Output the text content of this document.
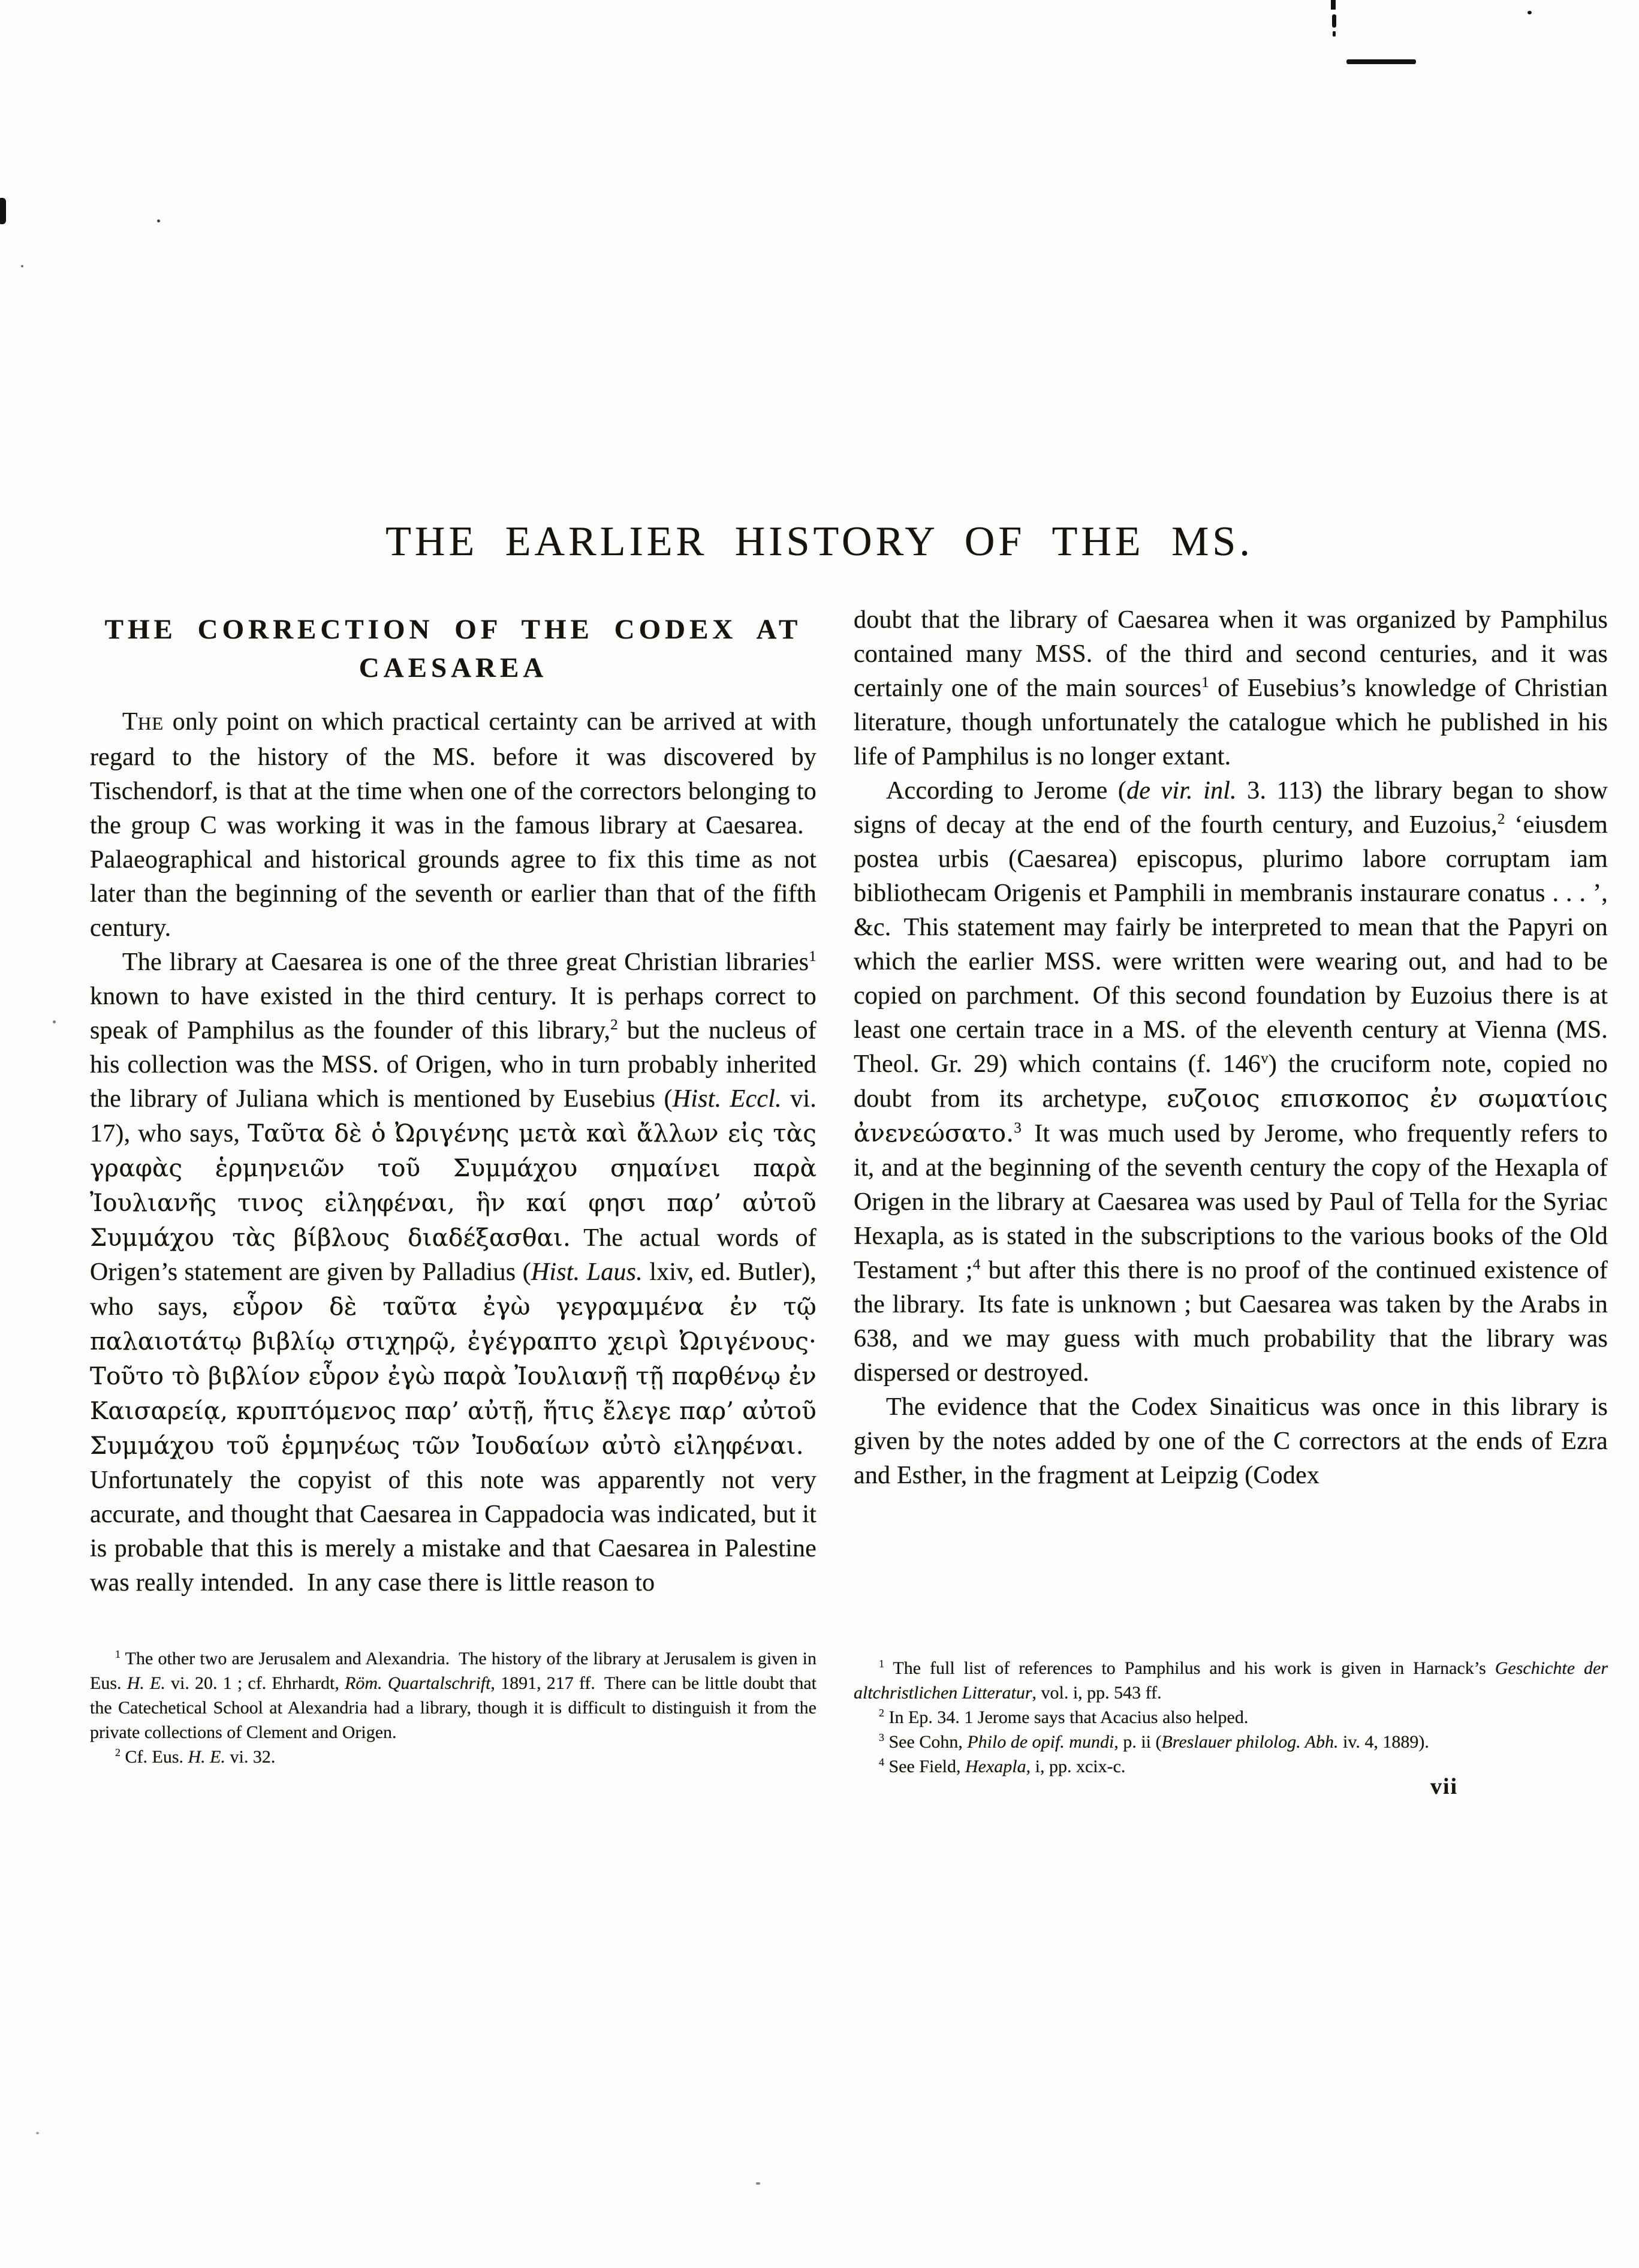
THE EARLIER HISTORY OF THE MS.
THE CORRECTION OF THE CODEX AT
CAESAREA

THE only point on which practical certainty can be arrived at with regard to the history of the MS. before it was discovered by Tischendorf, is that at the time when one of the correctors belonging to the group C was working it was in the famous library at Caesarea. Palaeographical and historical grounds agree to fix this time as not later than the beginning of the seventh or earlier than that of the fifth century.

The library at Caesarea is one of the three great Christian libraries$^1$ known to have existed in the third century. It is perhaps correct to speak of Pamphilus as the founder of this library,$^2$ but the nucleus of his collection was the MSS. of Origen, who in turn probably inherited the library of Juliana which is mentioned by Eusebius (Hist. Eccl. vi. 17), who says, Ταῦτα δὲ ὁ Ὠριγένης μετὰ καὶ ἄλλων εἰς τὰς γραφὰς ἑρμηνειῶν τοῦ Συμμάχου σημαίνει παρὰ Ἰουλιανῆς τινος εἰληφέναι, ἣν καί φησι παρ’ αὐτοῦ Συμμάχου τὰς βίβλους διαδέξασθαι. The actual words of Origen’s statement are given by Palladius (Hist. Laus. lxiv, ed. Butler), who says, εὗρον δὲ ταῦτα ἐγὼ γεγραμμένα ἐν τῷ παλαιοτάτῳ βιβλίῳ στιχηρῷ, ἐγέγραπτο χειρὶ Ὠριγένους· Τοῦτο τὸ βιβλίον εὗρον ἐγὼ παρὰ Ἰουλιανῇ τῇ παρθένῳ ἐν Καισαρείᾳ, κρυπτόμενος παρ’ αὐτῇ, ἥτις ἔλεγε παρ’ αὐτοῦ Συμμάχου τοῦ ἑρμηνέως τῶν Ἰουδαίων αὐτὸ εἰληφέναι. Unfortunately the copyist of this note was apparently not very accurate, and thought that Caesarea in Cappadocia was indicated, but it is probable that this is merely a mistake and that Caesarea in Palestine was really intended. In any case there is little reason to

doubt that the library of Caesarea when it was organized by Pamphilus contained many MSS. of the third and second centuries, and it was certainly one of the main sources$^1$ of Eusebius’s knowledge of Christian literature, though unfortunately the catalogue which he published in his life of Pamphilus is no longer extant.

According to Jerome (de vir. inl. 3. 113) the library began to show signs of decay at the end of the fourth century, and Euzoius,$^2$ ‘eiusdem postea urbis (Caesarea) episcopus, plurimo labore corruptam iam bibliothecam Origenis et Pamphili in membranis instaurare conatus . . . ’, &c. This statement may fairly be interpreted to mean that the Papyri on which the earlier MSS. were written were wearing out, and had to be copied on parchment. Of this second foundation by Euzoius there is at least one certain trace in a MS. of the eleventh century at Vienna (MS. Theol. Gr. 29) which contains (f. 146$^v$) the cruciform note, copied no doubt from its archetype, ευζοιος επισκοπος ἐν σωματίοις ἀνενεώσατο.$^3$ It was much used by Jerome, who frequently refers to it, and at the beginning of the seventh century the copy of the Hexapla of Origen in the library at Caesarea was used by Paul of Tella for the Syriac Hexapla, as is stated in the subscriptions to the various books of the Old Testament ;$^4$ but after this there is no proof of the continued existence of the library. Its fate is unknown ; but Caesarea was taken by the Arabs in 638, and we may guess with much probability that the library was dispersed or destroyed.

The evidence that the Codex Sinaiticus was once in this library is given by the notes added by one of the C correctors at the ends of Ezra and Esther, in the fragment at Leipzig (Codex

$^1$ The other two are Jerusalem and Alexandria. The history of the library at Jerusalem is given in Eus. H. E. vi. 20. 1 ; cf. Ehrhardt, Röm. Quartalschrift, 1891, 217 ff. There can be little doubt that the Catechetical School at Alexandria had a library, though it is difficult to distinguish it from the private collections of Clement and Origen.

$^2$ Cf. Eus. H. E. vi. 32.

$^1$ The full list of references to Pamphilus and his work is given in Harnack’s Geschichte der altchristlichen Litteratur, vol. i, pp. 543 ff.

$^2$ In Ep. 34. 1 Jerome says that Acacius also helped.

$^3$ See Cohn, Philo de opif. mundi, p. ii (Breslauer philolog. Abh. iv. 4, 1889).

$^4$ See Field, Hexapla, i, pp. xcix-c.

vii
